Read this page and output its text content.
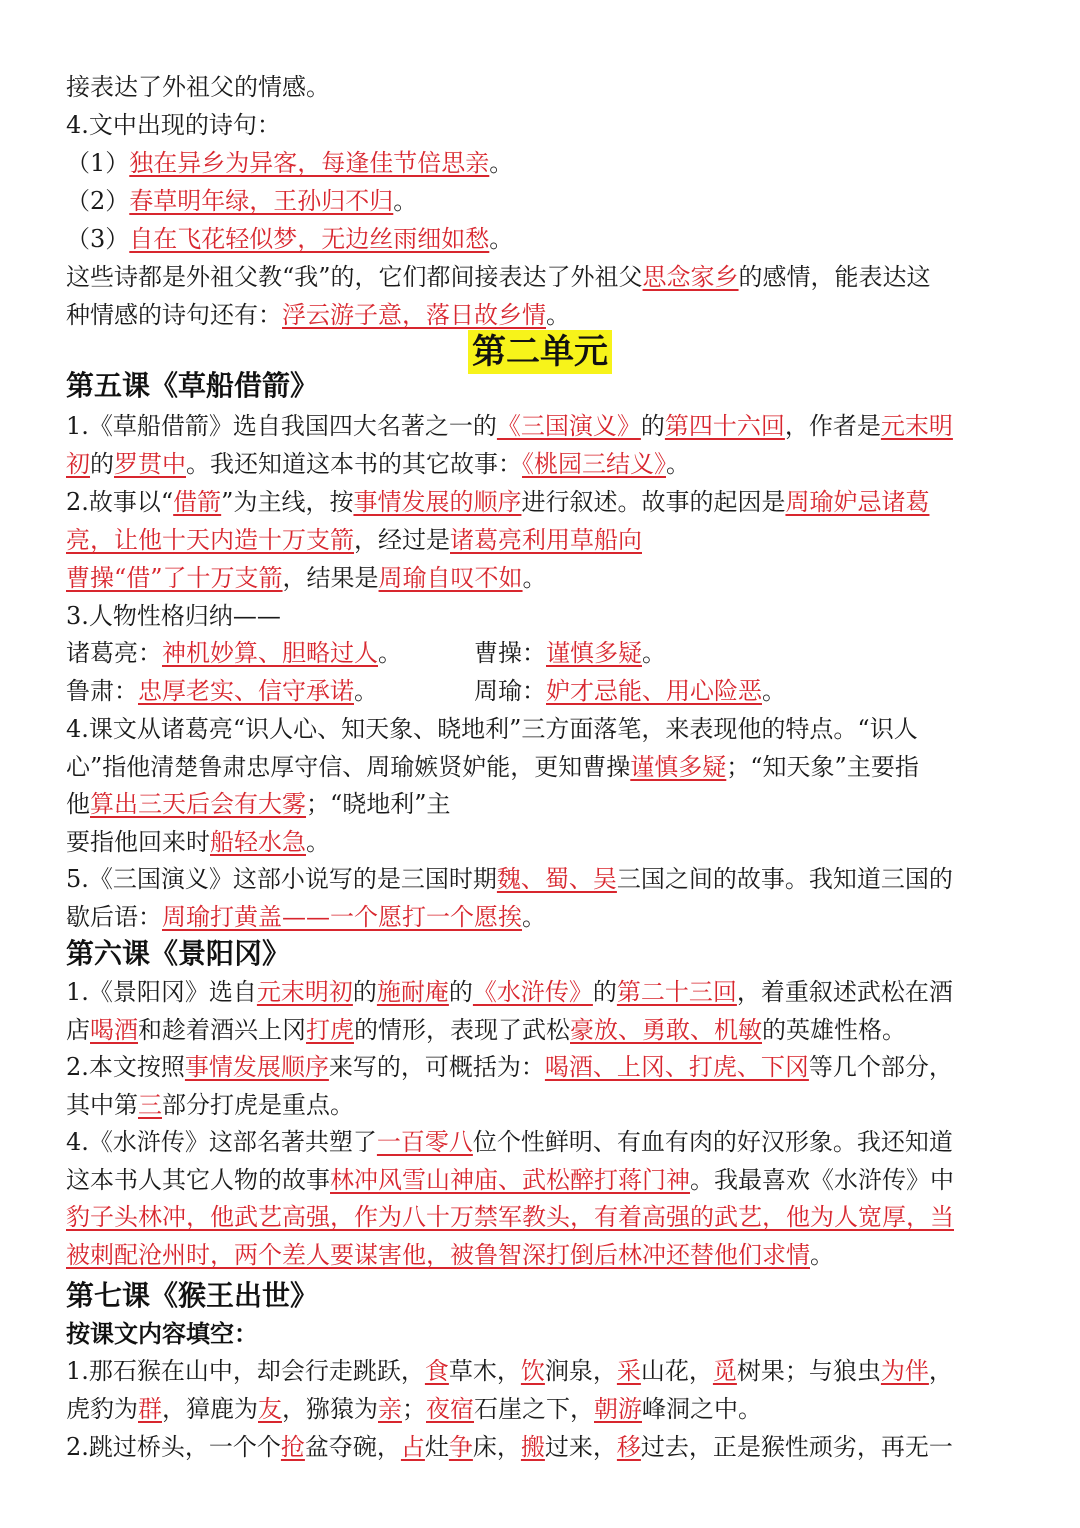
接表达了外祖父的情感。
4.文中出现的诗句：
（1）独在异乡为异客，每逢佳节倍思亲。
（2）春草明年绿，王孙归不归。
（3）自在飞花轻似梦，无边丝雨细如愁。
这些诗都是外祖父教“我”的，它们都间接表达了外祖父思念家乡的感情，能表达这
种情感的诗句还有：浮云游子意，落日故乡情。
第二单元
第五课《草船借箭》
1.《草船借箭》选自我国四大名著之一的《三国演义》的第四十六回，作者是元末明
初的罗贯中。我还知道这本书的其它故事：《桃园三结义》。
2.故事以“借箭”为主线，按事情发展的顺序进行叙述。故事的起因是周瑜妒忌诸葛
亮，让他十天内造十万支箭，经过是诸葛亮利用草船向
曹操“借”了十万支箭，结果是周瑜自叹不如。
3.人物性格归纳——
诸葛亮：神机妙算、胆略过人。	曹操：谨慎多疑。
鲁肃：忠厚老实、信守承诺。	周瑜：妒才忌能、用心险恶。
4.课文从诸葛亮“识人心、知天象、晓地利”三方面落笔，来表现他的特点。“识人
心”指他清楚鲁肃忠厚守信、周瑜嫉贤妒能，更知曹操谨慎多疑；“知天象”主要指
他算出三天后会有大雾；“晓地利”主
要指他回来时船轻水急。
5.《三国演义》这部小说写的是三国时期魏、蜀、吴三国之间的故事。我知道三国的
歇后语：周瑜打黄盖——一个愿打一个愿挨。
第六课《景阳冈》
1.《景阳冈》选自元末明初的施耐庵的《水浒传》的第二十三回，着重叙述武松在酒
店喝酒和趁着酒兴上冈打虎的情形，表现了武松豪放、勇敢、机敏的英雄性格。
2.本文按照事情发展顺序来写的，可概括为：喝酒、上冈、打虎、下冈等几个部分，
其中第三部分打虎是重点。
4.《水浒传》这部名著共塑了一百零八位个性鲜明、有血有肉的好汉形象。我还知道
这本书人其它人物的故事林冲风雪山神庙、武松醉打蒋门神。我最喜欢《水浒传》中
豹子头林冲，他武艺高强，作为八十万禁军教头，有着高强的武艺，他为人宽厚，当
被刺配沧州时，两个差人要谋害他，被鲁智深打倒后林冲还替他们求情。
第七课《猴王出世》
按课文内容填空：
1.那石猴在山中，却会行走跳跃，食草木，饮涧泉，采山花，觅树果；与狼虫为伴，
虎豹为群，獐鹿为友，猕猿为亲；夜宿石崖之下，朝游峰洞之中。
2.跳过桥头，一个个抢盆夺碗，占灶争床，搬过来，移过去，正是猴性顽劣，再无一
